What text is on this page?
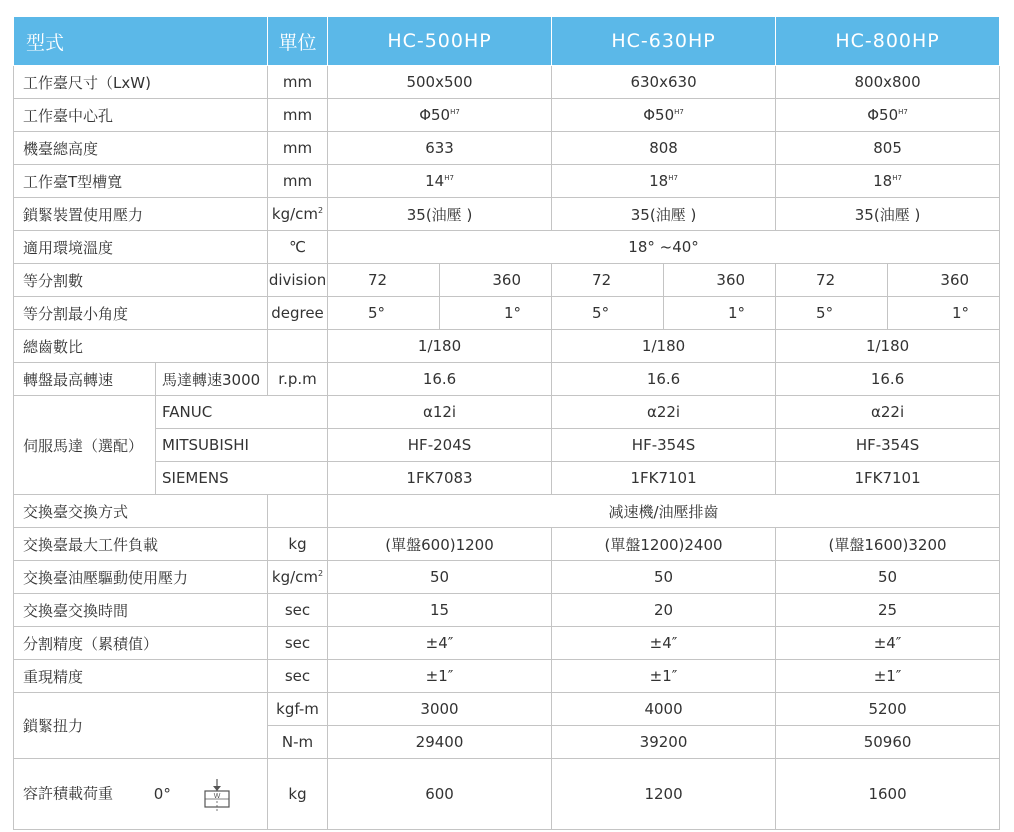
型式		單位	HC-500HP		HC-630HP		HC-800HP	
工作臺尺寸（LxW)		mm	500x500		630x630		800x800	
工作臺中心孔		mm	$\Phi 50^{H7}$		$\Phi 50^{H7}$		$\Phi 50^{H7}$
機臺總高度		mm	633		808		805	
工作臺T型槽寬		mm	$14^{H7}$		$18^{H7}$		$18^{H7}$
鎖緊裝置使用壓力		$kg/cm^2$	35(油壓 )		35(油壓 )		35(油壓 )	
適用環境溫度		℃	18° ~40°					
等分割數		division	72	360	72	360	72	360
等分割最小角度		degree	5°	1°	5°	1°	5°	1°
總齒數比			1/180		1/180		1/180	
轉盤最高轉速	馬達轉速3000	r.p.m	16.6		16.6		16.6	
伺服馬達（選配）	FANUC		α12i		α22i		α22i	
	MITSUBISHI		HF-204S		HF-354S		HF-354S	
	SIEMENS		1FK7083		1FK7101		1FK7101	
交換臺交換方式			减速機/油壓排齒					
交換臺最大工件負載		kg	(單盤600)1200		(單盤1200)2400		(單盤1600)3200	
交換臺油壓驅動使用壓力		$kg/cm^2$	50		50		50	
交換臺交換時間		sec	15		20		25	
分割精度（累積值）		sec	±4″		±4″		±4″	
重現精度		sec	±1″		±1″		±1″	
鎖緊扭力		kgf-m	3000		4000		5200	
		N-m	29400		39200		50960	
容許積載荷重 0° W		kg	600		1200		1600	
